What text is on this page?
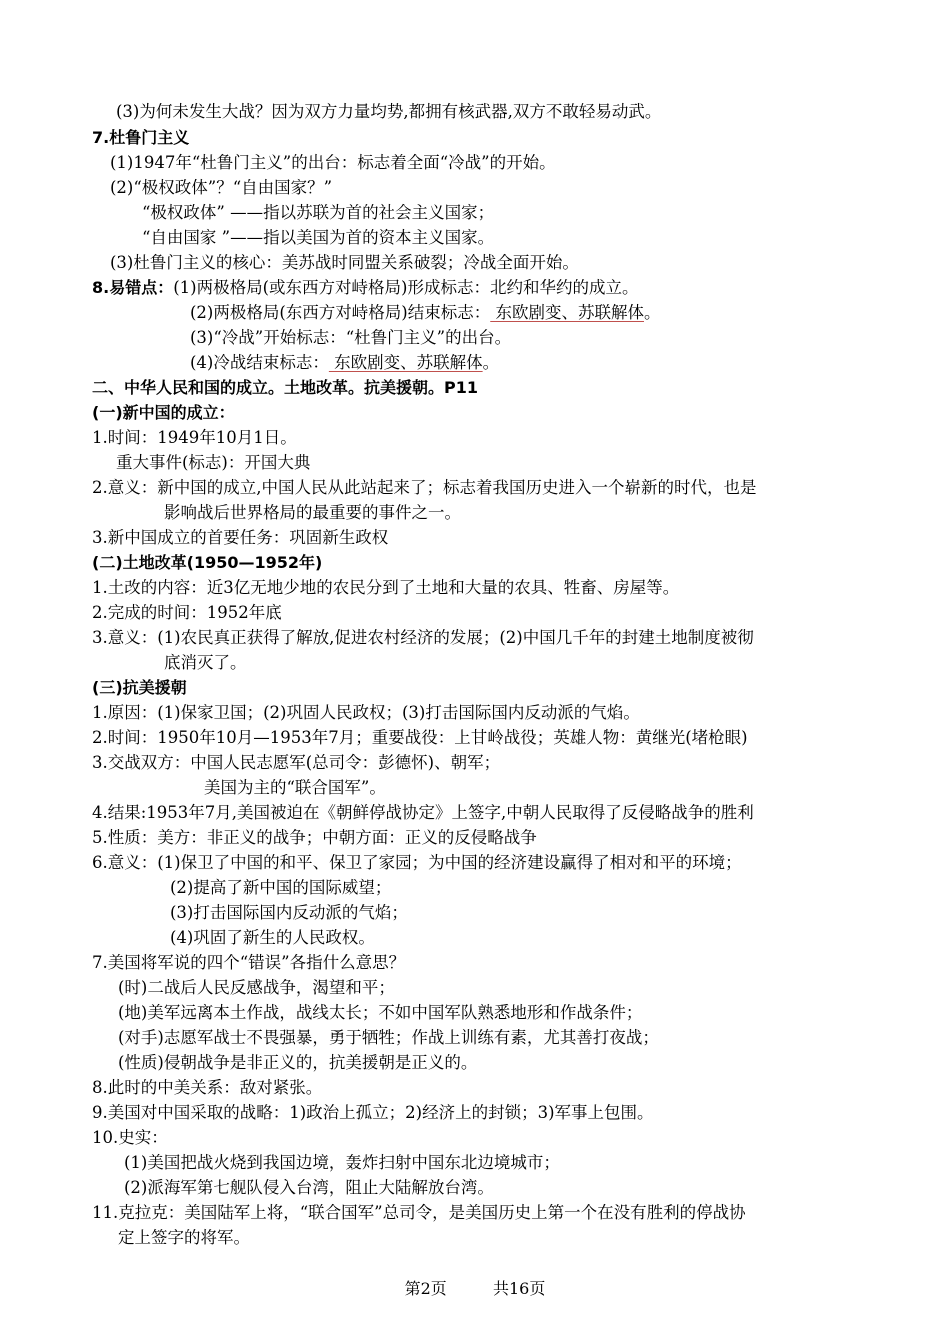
(3)为何未发生大战？因为双方力量均势,都拥有核武器,双方不敢轻易动武。
7.杜鲁门主义
(1)1947年“杜鲁门主义”的出台：标志着全面“冷战”的开始。
(2)“极权政体”？“自由国家？”
“极权政体” ——指以苏联为首的社会主义国家；
“自由国家 ”——指以美国为首的资本主义国家。
(3)杜鲁门主义的核心：美苏战时同盟关系破裂；冷战全面开始。
8.易错点：(1)两极格局(或东西方对峙格局)形成标志：北约和华约的成立。
(2)两极格局(东西方对峙格局)结束标志： 东欧剧变、苏联解体。
(3)“冷战”开始标志：“杜鲁门主义”的出台。
(4)冷战结束标志： 东欧剧变、苏联解体。
二、中华人民和国的成立。土地改革。抗美援朝。P11
(一)新中国的成立：
1.时间：1949年10月1日。
重大事件(标志)：开国大典
2.意义：新中国的成立,中国人民从此站起来了；标志着我国历史进入一个崭新的时代，也是
影响战后世界格局的最重要的事件之一。
3.新中国成立的首要任务：巩固新生政权
(二)土地改革(1950—1952年)
1.土改的内容：近3亿无地少地的农民分到了土地和大量的农具、牲畜、房屋等。
2.完成的时间：1952年底
3.意义：(1)农民真正获得了解放,促进农村经济的发展；(2)中国几千年的封建土地制度被彻
底消灭了。
(三)抗美援朝
1.原因：(1)保家卫国；(2)巩固人民政权；(3)打击国际国内反动派的气焰。
2.时间：1950年10月—1953年7月；重要战役：上甘岭战役；英雄人物：黄继光(堵枪眼)
3.交战双方：中国人民志愿军(总司令：彭德怀)、朝军；
美国为主的“联合国军”。
4.结果:1953年7月,美国被迫在《朝鲜停战协定》上签字,中朝人民取得了反侵略战争的胜利
5.性质：美方：非正义的战争；中朝方面：正义的反侵略战争
6.意义：(1)保卫了中国的和平、保卫了家园；为中国的经济建设赢得了相对和平的环境；
(2)提高了新中国的国际威望；
(3)打击国际国内反动派的气焰；
(4)巩固了新生的人民政权。
7.美国将军说的四个“错误”各指什么意思？
(时)二战后人民反感战争，渴望和平；
(地)美军远离本土作战，战线太长；不如中国军队熟悉地形和作战条件；
(对手)志愿军战士不畏强暴，勇于牺牲；作战上训练有素，尤其善打夜战；
(性质)侵朝战争是非正义的，抗美援朝是正义的。
8.此时的中美关系：敌对紧张。
9.美国对中国采取的战略：1)政治上孤立；2)经济上的封锁；3)军事上包围。
10.史实：
(1)美国把战火烧到我国边境，轰炸扫射中国东北边境城市；
(2)派海军第七舰队侵入台湾，阻止大陆解放台湾。
11.克拉克：美国陆军上将，“联合国军”总司令，是美国历史上第一个在没有胜利的停战协
定上签字的将军。
第2页	共16页
